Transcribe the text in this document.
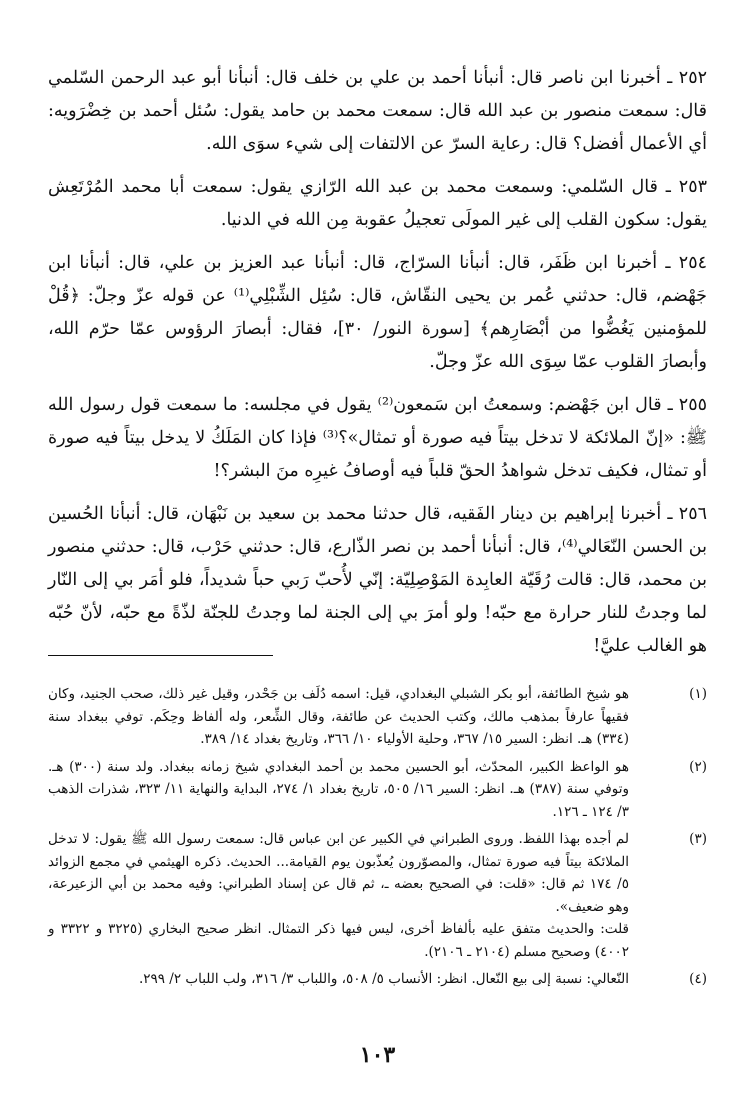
٢٥٢ ـ أخبرنا ابن ناصر قال: أنبأنا أحمد بن علي بن خلف قال: أنبأنا أبو عبد الرحمن السّلمي قال: سمعت منصور بن عبد الله قال: سمعت محمد بن حامد يقول: سُئل أحمد بن خِضْرَويه: أي الأعمال أفضل؟ قال: رعاية السرّ عن الالتفات إلى شيء سوَى الله.

٢٥٣ ـ قال السّلمي: وسمعت محمد بن عبد الله الرّازي يقول: سمعت أبا محمد المُرْتَعِش يقول: سكون القلب إلى غير المولَى تعجيلُ عقوبة مِن الله في الدنيا.

٢٥٤ ـ أخبرنا ابن ظَفَر، قال: أنبأنا السرّاج، قال: أنبأنا عبد العزيز بن علي، قال: أنبأنا ابن جَهْضم، قال: حدثني عُمر بن يحيى النقّاش، قال: سُئِل الشِّبْلِي⁽¹⁾ عن قوله عزّ وجلّ: ﴿قُلْ للمؤمنين يَغُضُّوا من أبْصَارِهم﴾ [سورة النور/ ٣٠]، فقال: أبصارَ الرؤوس عمّا حرّم الله، وأبصارَ القلوب عمّا سِوَى الله عزّ وجلّ.

٢٥٥ ـ قال ابن جَهْضم: وسمعتُ ابن سَمعون⁽²⁾ يقول في مجلسه: ما سمعت قول رسول الله ﷺ: «إنّ الملائكة لا تدخل بيتاً فيه صورة أو تمثال»؟⁽³⁾ فإذا كان المَلَكُ لا يدخل بيتاً فيه صورة أو تمثال، فكيف تدخل شواهدُ الحقّ قلباً فيه أوصافُ غيرِه منَ البشر؟!

٢٥٦ ـ أخبرنا إبراهيم بن دينار الفَقيه، قال حدثنا محمد بن سعيد بن نَبْهَان، قال: أنبأنا الحُسين بن الحسن النّعَالي⁽⁴⁾، قال: أنبأنا أحمد بن نصر الذّارع، قال: حدثني حَرْب، قال: حدثني منصور بن محمد، قال: قالت رُقَيّة العابِدة المَوْصِلِيّة: إنّي لأُحبّ رَبي حباً شديداً، فلو أمَر بي إلى النّار لما وجدتُ للنار حرارة مع حبّه! ولو أمرَ بي إلى الجنة لما وجدتُ للجنّة لذّةً مع حبّه، لأنّ حُبّه هو الغالب عليَّ!

(١)
هو شيخ الطائفة، أبو بكر الشبلي البغدادي، قيل: اسمه دُلَف بن جَحْدر، وقيل غير ذلك، صحب الجنيد، وكان فقيهاً عارفاً بمذهب مالك، وكتب الحديث عن طائفة، وقال الشِّعر، وله ألفاظ وحِكَم. توفي ببغداد سنة (٣٣٤) هـ. انظر: السير ١٥/ ٣٦٧، وحلية الأولياء ١٠/ ٣٦٦، وتاريخ بغداد ١٤/ ٣٨٩.
(٢)
هو الواعظ الكبير، المحدّث، أبو الحسين محمد بن أحمد البغدادي شيخ زمانه ببغداد. ولد سنة (٣٠٠) هـ. وتوفي سنة (٣٨٧) هـ. انظر: السير ١٦/ ٥٠٥، تاريخ بغداد ١/ ٢٧٤، البداية والنهاية ١١/ ٣٢٣، شذرات الذهب ٣/ ١٢٤ ـ ١٢٦.
(٣)
لم أجده بهذا اللفظ. وروى الطبراني في الكبير عن ابن عباس قال: سمعت رسول الله ﷺ يقول: لا تدخل الملائكة بيتاً فيه صورة تمثال، والمصوّرون يُعذّبون يوم القيامة... الحديث. ذكره الهيثمي في مجمع الزوائد ٥/ ١٧٤ ثم قال: «قلت: في الصحيح بعضه ـ، ثم قال عن إسناد الطبراني: وفيه محمد بن أبي الزعيرعة، وهو ضعيف».
قلت: والحديث متفق عليه بألفاظ أخرى، ليس فيها ذكر التمثال. انظر صحيح البخاري (٣٢٢٥ و ٣٣٢٢ و ٤٠٠٢) وصحيح مسلم (٢١٠٤ ـ ٢١٠٦).
(٤)
النّعالي: نسبة إلى بيع النّعال. انظر: الأنساب ٥/ ٥٠٨، واللباب ٣/ ٣١٦، ولب اللباب ٢/ ٢٩٩.
١٠٣
